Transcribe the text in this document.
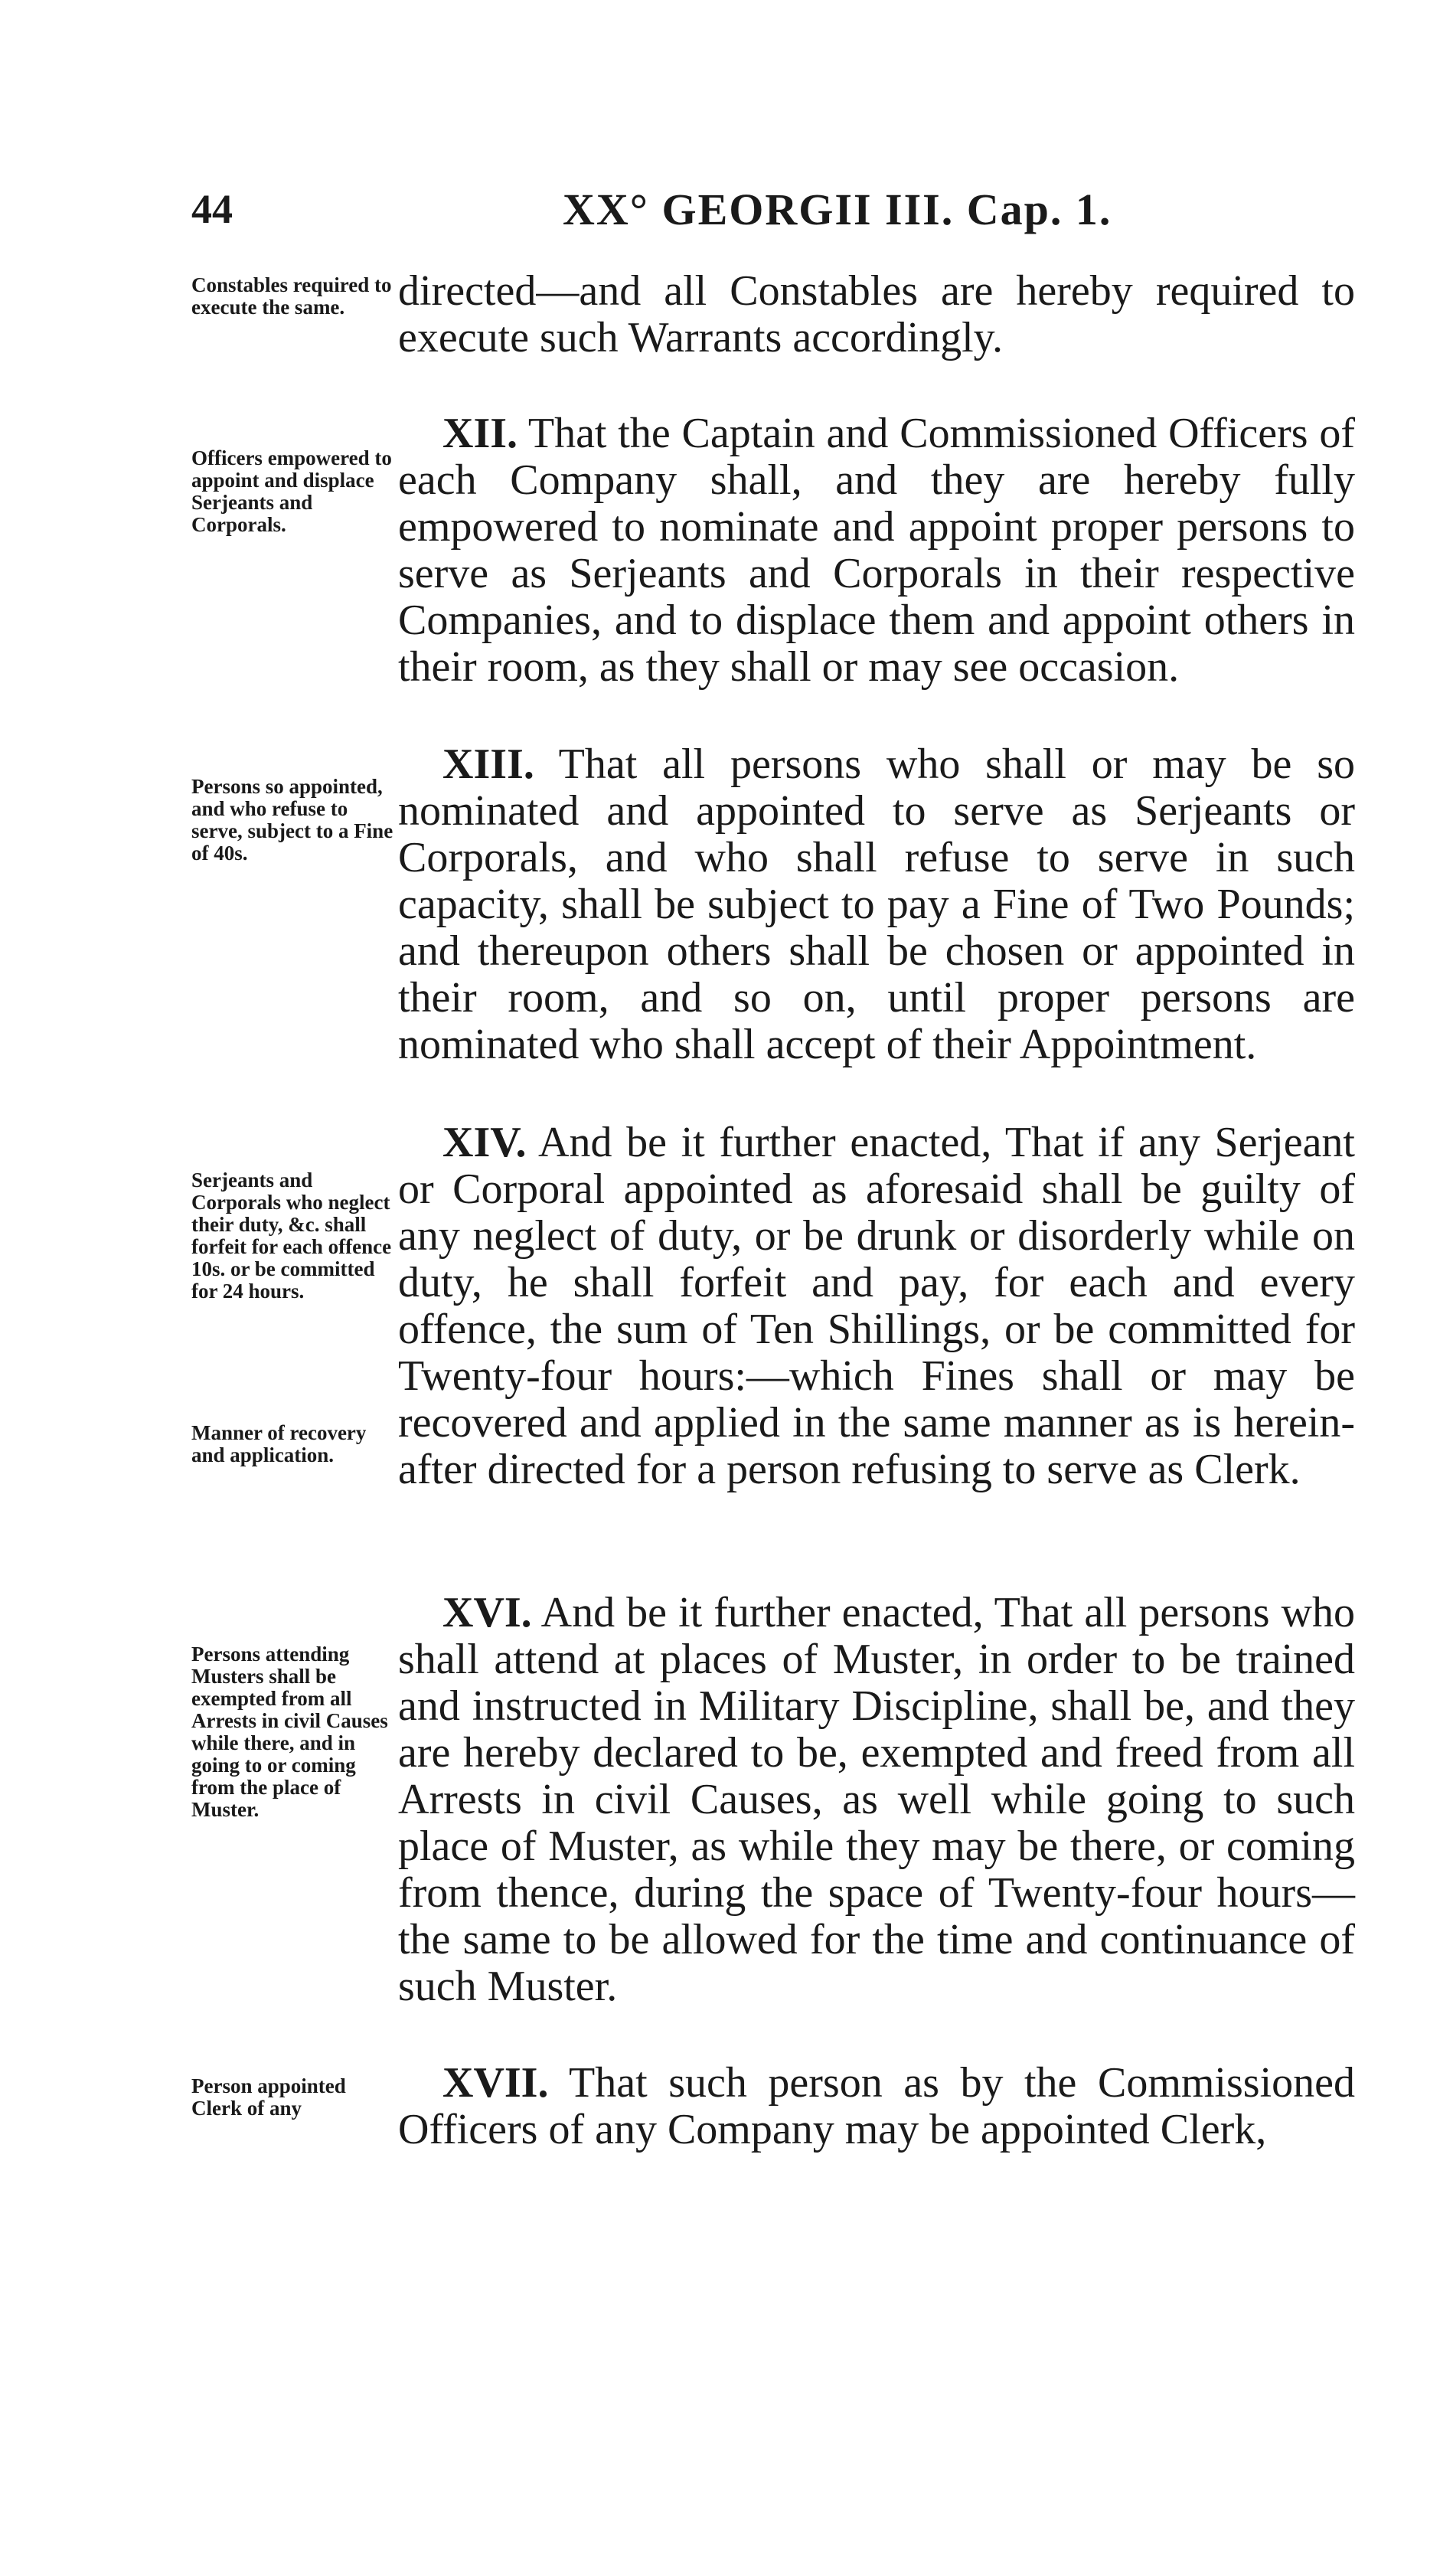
44	XX° GEORGII III. Cap. 1.
Constables required to execute the same.	directed—and all Constables are hereby required to execute such Warrants accordingly.
Officers empowered to appoint and displace Serjeants and Corporals.
XII. That the Captain and Commissioned Officers of each Company shall, and they are hereby fully empowered to nominate and appoint proper persons to serve as Serjeants and Corporals in their respective Companies, and to displace them and appoint others in their room, as they shall or may see occasion.
Persons so appointed, and who refuse to serve, subject to a Fine of 40s.
XIII. That all persons who shall or may be so nominated and appointed to serve as Serjeants or Corporals, and who shall refuse to serve in such capacity, shall be subject to pay a Fine of Two Pounds; and thereupon others shall be chosen or appointed in their room, and so on, until proper persons are nominated who shall accept of their Appointment.
Serjeants and Corporals who neglect their duty, &c. shall forfeit for each offence 10s. or be committed for 24 hours.
Manner of recovery and application.
XIV. And be it further enacted, That if any Serjeant or Corporal appointed as aforesaid shall be guilty of any neglect of duty, or be drunk or disorderly while on duty, he shall forfeit and pay, for each and every offence, the sum of Ten Shillings, or be committed for Twenty-four hours:—which Fines shall or may be recovered and applied in the same manner as is herein-after directed for a person refusing to serve as Clerk.
Persons attending Musters shall be exempted from all Arrests in civil Causes while there, and in going to or coming from the place of Muster.
XVI. And be it further enacted, That all persons who shall attend at places of Muster, in order to be trained and instructed in Military Discipline, shall be, and they are hereby declared to be, exempted and freed from all Arrests in civil Causes, as well while going to such place of Muster, as while they may be there, or coming from thence, during the space of Twenty-four hours—the same to be allowed for the time and continuance of such Muster.
Person appointed Clerk of any
XVII. That such person as by the Commissioned Officers of any Company may be appointed Clerk,
